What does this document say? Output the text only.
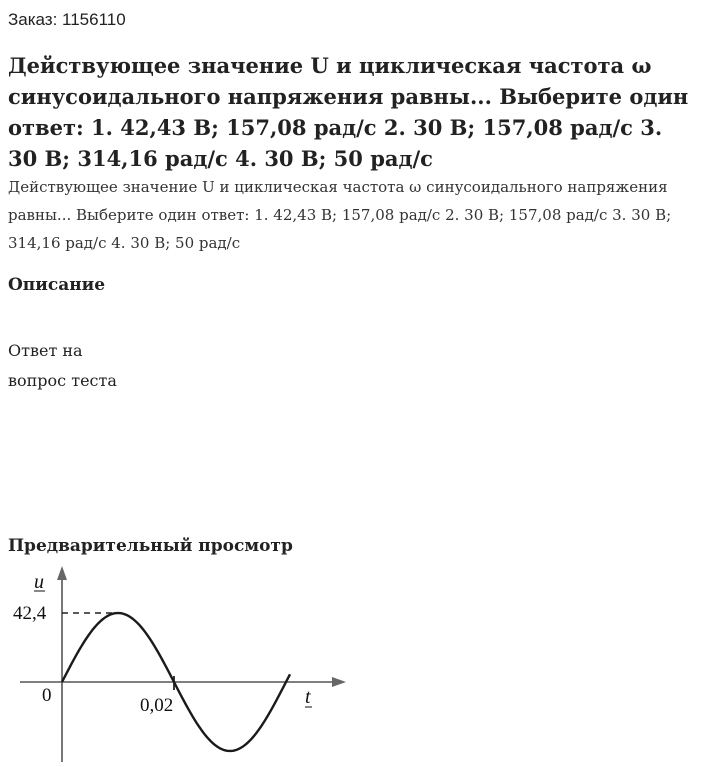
Заказ: 1156110
Действующее значение U и циклическая частота ω синусоидального напряжения равны... Выберите один ответ: 1. 42,43 В; 157,08 рад/с 2. 30 В; 157,08 рад/с 3. 30 В; 314,16 рад/с 4. 30 В; 50 рад/с

Действующее значение U и циклическая частота ω синусоидального напряжения равны... Выберите один ответ: 1. 42,43 В; 157,08 рад/с 2. 30 В; 157,08 рад/с 3. 30 В; 314,16 рад/с 4. 30 В; 50 рад/с

Описание
Ответ на
вопрос теста
Предварительный просмотр
u
42,4
0	0,02	t
